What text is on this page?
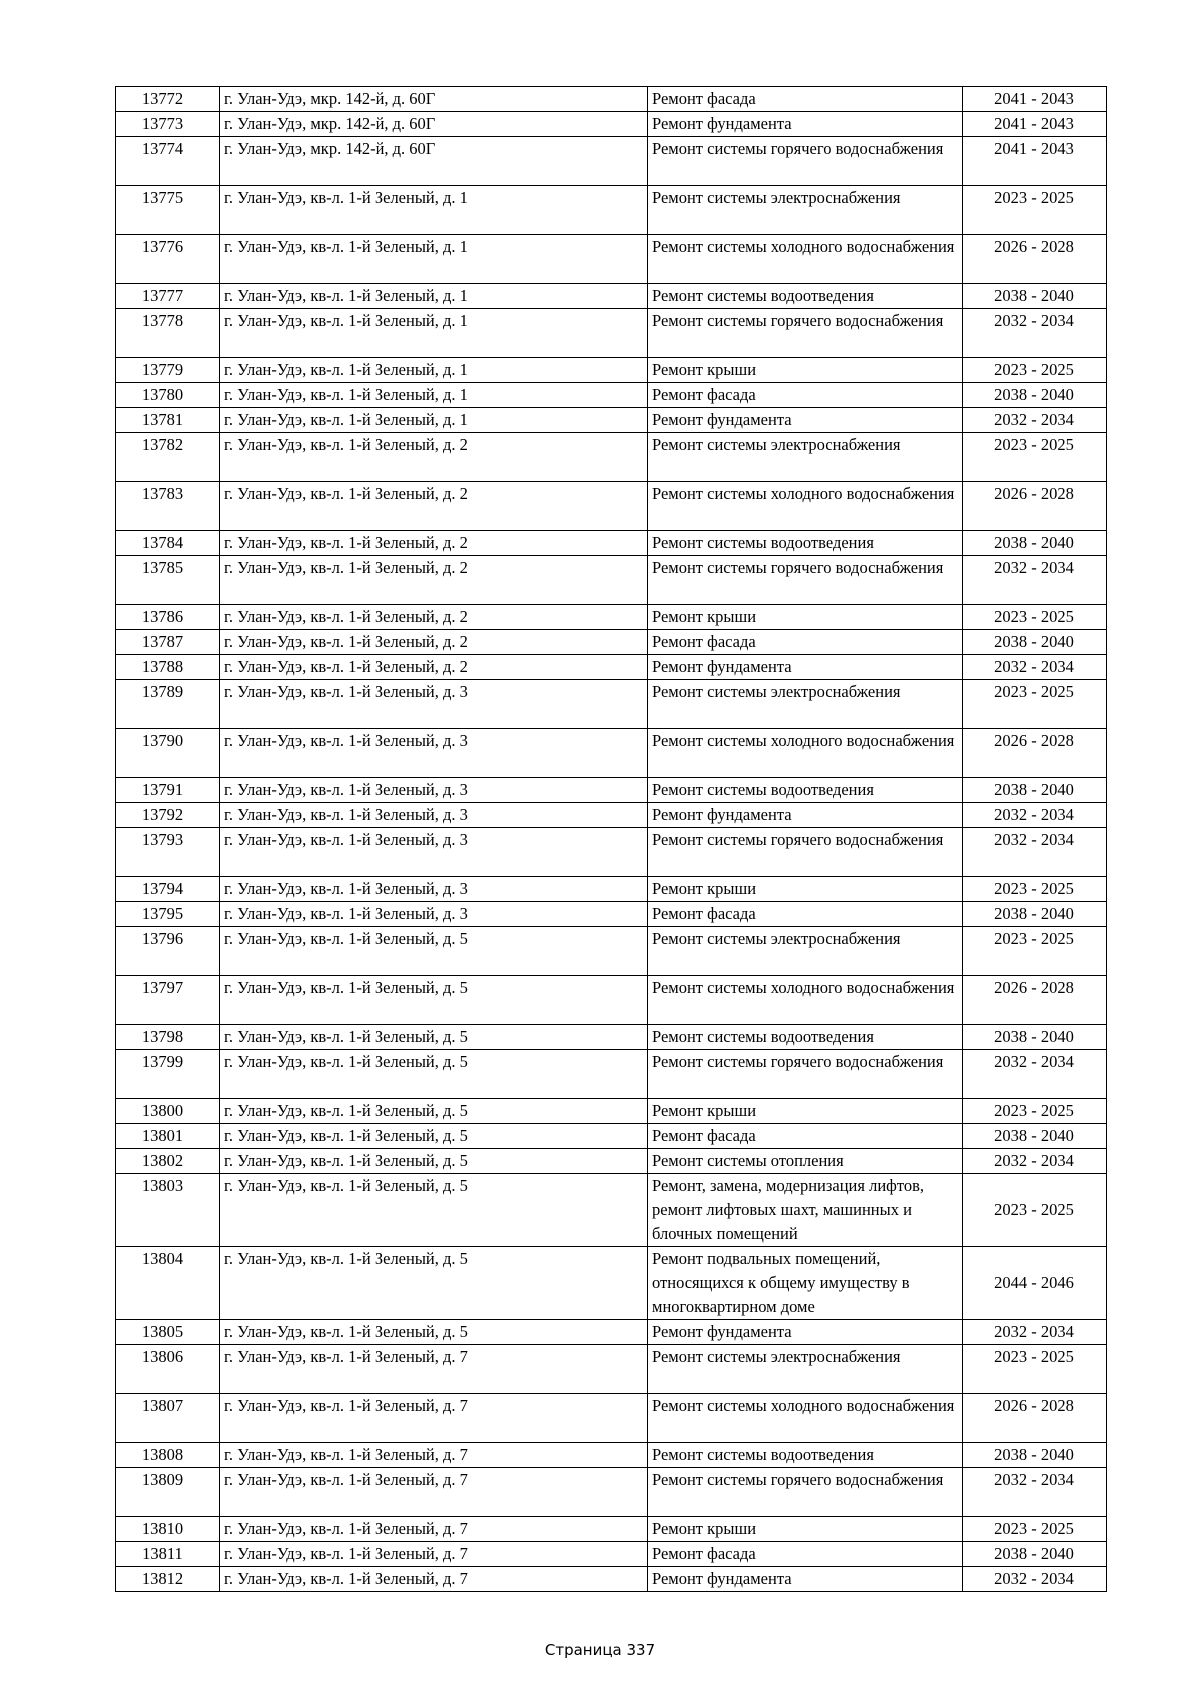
13772	г. Улан-Удэ, мкр. 142-й, д. 60Г	Ремонт фасада	2041 - 2043
13773	г. Улан-Удэ, мкр. 142-й, д. 60Г	Ремонт фундамента	2041 - 2043
13774	г. Улан-Удэ, мкр. 142-й, д. 60Г	Ремонт системы горячего водоснабжения	2041 - 2043
13775	г. Улан-Удэ, кв-л. 1-й Зеленый, д. 1	Ремонт системы электроснабжения	2023 - 2025
13776	г. Улан-Удэ, кв-л. 1-й Зеленый, д. 1	Ремонт системы холодного водоснабжения	2026 - 2028
13777	г. Улан-Удэ, кв-л. 1-й Зеленый, д. 1	Ремонт системы водоотведения	2038 - 2040
13778	г. Улан-Удэ, кв-л. 1-й Зеленый, д. 1	Ремонт системы горячего водоснабжения	2032 - 2034
13779	г. Улан-Удэ, кв-л. 1-й Зеленый, д. 1	Ремонт крыши	2023 - 2025
13780	г. Улан-Удэ, кв-л. 1-й Зеленый, д. 1	Ремонт фасада	2038 - 2040
13781	г. Улан-Удэ, кв-л. 1-й Зеленый, д. 1	Ремонт фундамента	2032 - 2034
13782	г. Улан-Удэ, кв-л. 1-й Зеленый, д. 2	Ремонт системы электроснабжения	2023 - 2025
13783	г. Улан-Удэ, кв-л. 1-й Зеленый, д. 2	Ремонт системы холодного водоснабжения	2026 - 2028
13784	г. Улан-Удэ, кв-л. 1-й Зеленый, д. 2	Ремонт системы водоотведения	2038 - 2040
13785	г. Улан-Удэ, кв-л. 1-й Зеленый, д. 2	Ремонт системы горячего водоснабжения	2032 - 2034
13786	г. Улан-Удэ, кв-л. 1-й Зеленый, д. 2	Ремонт крыши	2023 - 2025
13787	г. Улан-Удэ, кв-л. 1-й Зеленый, д. 2	Ремонт фасада	2038 - 2040
13788	г. Улан-Удэ, кв-л. 1-й Зеленый, д. 2	Ремонт фундамента	2032 - 2034
13789	г. Улан-Удэ, кв-л. 1-й Зеленый, д. 3	Ремонт системы электроснабжения	2023 - 2025
13790	г. Улан-Удэ, кв-л. 1-й Зеленый, д. 3	Ремонт системы холодного водоснабжения	2026 - 2028
13791	г. Улан-Удэ, кв-л. 1-й Зеленый, д. 3	Ремонт системы водоотведения	2038 - 2040
13792	г. Улан-Удэ, кв-л. 1-й Зеленый, д. 3	Ремонт фундамента	2032 - 2034
13793	г. Улан-Удэ, кв-л. 1-й Зеленый, д. 3	Ремонт системы горячего водоснабжения	2032 - 2034
13794	г. Улан-Удэ, кв-л. 1-й Зеленый, д. 3	Ремонт крыши	2023 - 2025
13795	г. Улан-Удэ, кв-л. 1-й Зеленый, д. 3	Ремонт фасада	2038 - 2040
13796	г. Улан-Удэ, кв-л. 1-й Зеленый, д. 5	Ремонт системы электроснабжения	2023 - 2025
13797	г. Улан-Удэ, кв-л. 1-й Зеленый, д. 5	Ремонт системы холодного водоснабжения	2026 - 2028
13798	г. Улан-Удэ, кв-л. 1-й Зеленый, д. 5	Ремонт системы водоотведения	2038 - 2040
13799	г. Улан-Удэ, кв-л. 1-й Зеленый, д. 5	Ремонт системы горячего водоснабжения	2032 - 2034
13800	г. Улан-Удэ, кв-л. 1-й Зеленый, д. 5	Ремонт крыши	2023 - 2025
13801	г. Улан-Удэ, кв-л. 1-й Зеленый, д. 5	Ремонт фасада	2038 - 2040
13802	г. Улан-Удэ, кв-л. 1-й Зеленый, д. 5	Ремонт системы отопления	2032 - 2034
13803	г. Улан-Удэ, кв-л. 1-й Зеленый, д. 5	Ремонт, замена, модернизация лифтов, ремонт лифтовых шахт, машинных и блочных помещений	2023 - 2025
13804	г. Улан-Удэ, кв-л. 1-й Зеленый, д. 5	Ремонт подвальных помещений, относящихся к общему имуществу в многоквартирном доме	2044 - 2046
13805	г. Улан-Удэ, кв-л. 1-й Зеленый, д. 5	Ремонт фундамента	2032 - 2034
13806	г. Улан-Удэ, кв-л. 1-й Зеленый, д. 7	Ремонт системы электроснабжения	2023 - 2025
13807	г. Улан-Удэ, кв-л. 1-й Зеленый, д. 7	Ремонт системы холодного водоснабжения	2026 - 2028
13808	г. Улан-Удэ, кв-л. 1-й Зеленый, д. 7	Ремонт системы водоотведения	2038 - 2040
13809	г. Улан-Удэ, кв-л. 1-й Зеленый, д. 7	Ремонт системы горячего водоснабжения	2032 - 2034
13810	г. Улан-Удэ, кв-л. 1-й Зеленый, д. 7	Ремонт крыши	2023 - 2025
13811	г. Улан-Удэ, кв-л. 1-й Зеленый, д. 7	Ремонт фасада	2038 - 2040
13812	г. Улан-Удэ, кв-л. 1-й Зеленый, д. 7	Ремонт фундамента	2032 - 2034
Страница 337
